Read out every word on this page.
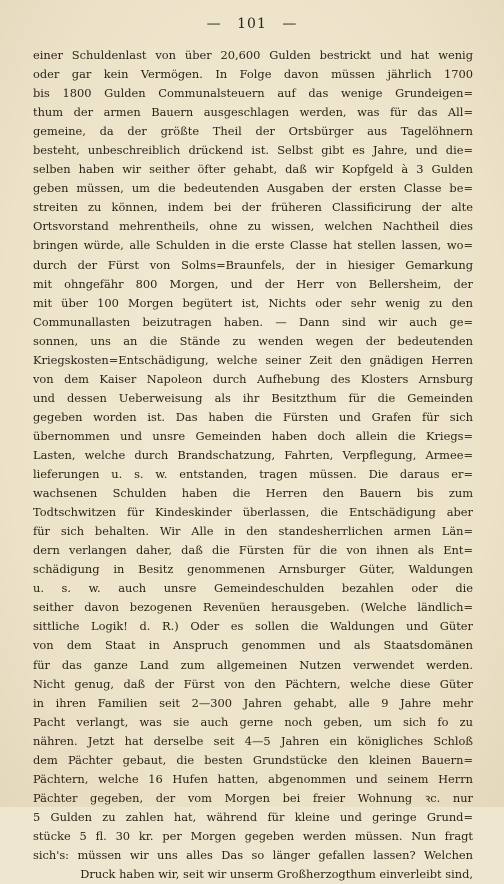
— 101 —
einer Schuldenlast von über 20,600 Gulden bestrickt und hat wenig
oder gar kein Vermögen. In Folge davon müssen jährlich 1700
bis 1800 Gulden Communalsteuern auf das wenige Grundeigen=
thum der armen Bauern ausgeschlagen werden, was für das All=
gemeine, da der größte Theil der Ortsbürger aus Tagelöhnern
besteht, unbeschreiblich drückend ist. Selbst gibt es Jahre, und die=
selben haben wir seither öfter gehabt, daß wir Kopfgeld à 3 Gulden
geben müssen, um die bedeutenden Ausgaben der ersten Classe be=
streiten zu können, indem bei der früheren Classificirung der alte
Ortsvorstand mehrentheils, ohne zu wissen, welchen Nachtheil dies
bringen würde, alle Schulden in die erste Classe hat stellen lassen, wo=
durch der Fürst von Solms=Braunfels, der in hiesiger Gemarkung
mit ohngefähr 800 Morgen, und der Herr von Bellersheim, der
mit über 100 Morgen begütert ist, Nichts oder sehr wenig zu den
Communallasten beizutragen haben. — Dann sind wir auch ge=
sonnen, uns an die Stände zu wenden wegen der bedeutenden
Kriegskosten=Entschädigung, welche seiner Zeit den gnädigen Herren
von dem Kaiser Napoleon durch Aufhebung des Klosters Arnsburg
und dessen Ueberweisung als ihr Besitzthum für die Gemeinden
gegeben worden ist. Das haben die Fürsten und Grafen für sich
übernommen und unsre Gemeinden haben doch allein die Kriegs=
Lasten, welche durch Brandschatzung, Fahrten, Verpflegung, Armee=
lieferungen u. s. w. entstanden, tragen müssen. Die daraus er=
wachsenen Schulden haben die Herren den Bauern bis zum
Todtschwitzen für Kindeskinder überlassen, die Entschädigung aber
für sich behalten. Wir Alle in den standesherrlichen armen Län=
dern verlangen daher, daß die Fürsten für die von ihnen als Ent=
schädigung in Besitz genommenen Arnsburger Güter, Waldungen
u. s. w. auch unsre Gemeindeschulden bezahlen oder die
seither davon bezogenen Revenüen herausgeben. (Welche ländlich=
sittliche Logik! d. R.) Oder es sollen die Waldungen und Güter
von dem Staat in Anspruch genommen und als Staatsdomänen
für das ganze Land zum allgemeinen Nutzen verwendet werden.
Nicht genug, daß der Fürst von den Pächtern, welche diese Güter
in ihren Familien seit 2—300 Jahren gehabt, alle 9 Jahre mehr
Pacht verlangt, was sie auch gerne noch geben, um sich fo zu
nähren. Jetzt hat derselbe seit 4—5 Jahren ein königliches Schloß
dem Pächter gebaut, die besten Grundstücke den kleinen Bauern=
Pächtern, welche 16 Hufen hatten, abgenommen und seinem Herrn
Pächter gegeben, der vom Morgen bei freier Wohnung ꝛc. nur
5 Gulden zu zahlen hat, während für kleine und geringe Grund=
stücke 5 fl. 30 kr. per Morgen gegeben werden müssen. Nun fragt
sich's: müssen wir uns alles Das so länger gefallen lassen? Welchen
Druck haben wir, seit wir unserm Großherzogthum einverleibt sind,
